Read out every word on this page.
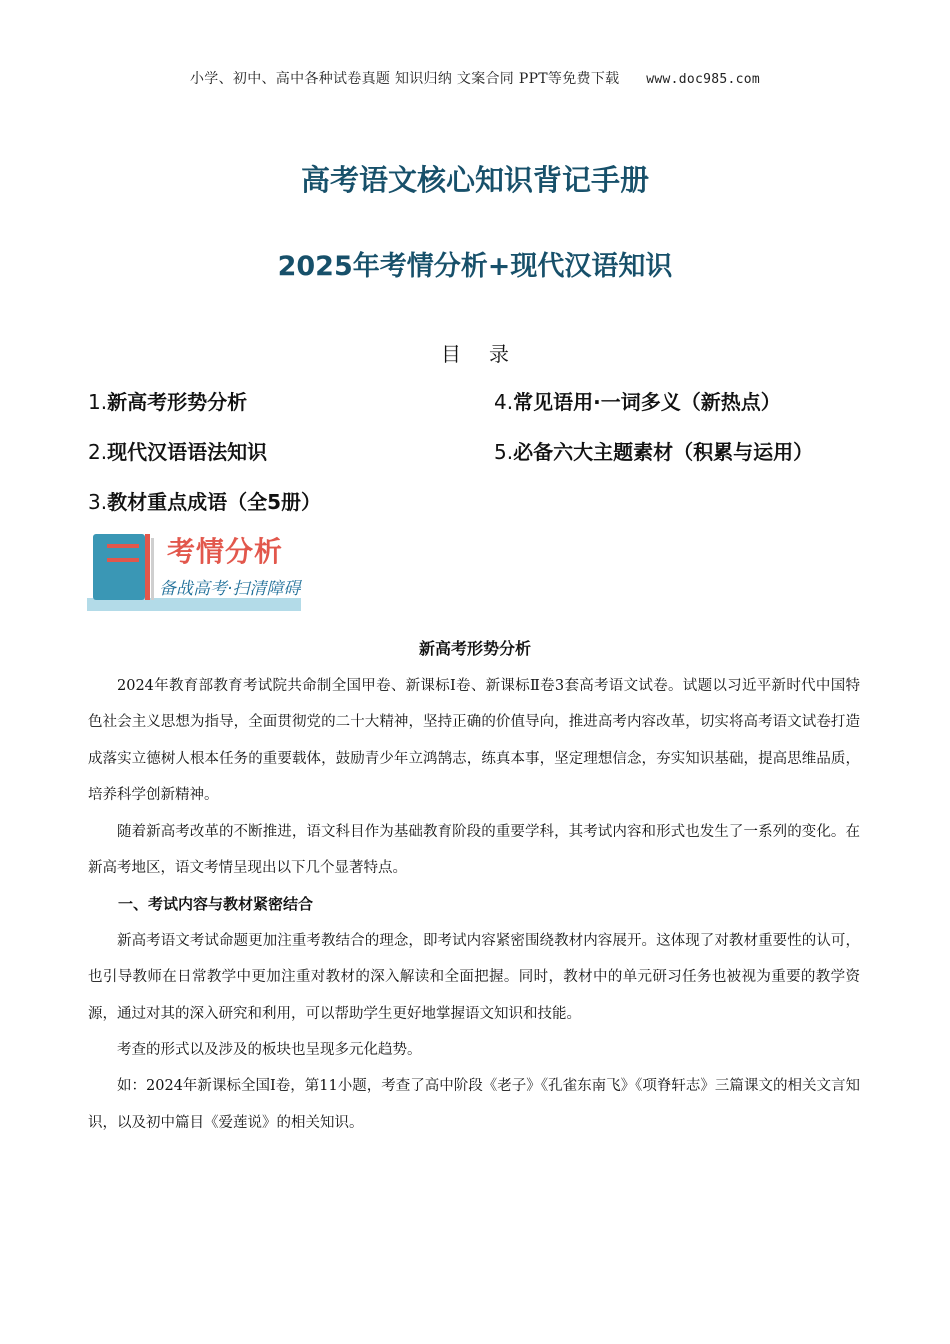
小学、初中、高中各种试卷真题 知识归纳 文案合同 PPT等免费下载 www.doc985.com
高考语文核心知识背记手册
2025年考情分析+现代汉语知识
目录
1.新高考形势分析
2.现代汉语语法知识
3.教材重点成语（全5册）
4.常见语用·一词多义（新热点）
5.必备六大主题素材（积累与运用）
考情分析
备战高考·扫清障碍
新高考形势分析

2024年教育部教育考试院共命制全国甲卷、新课标Ⅰ卷、新课标Ⅱ卷3套高考语文试卷。试题以习近平新时代中国特色社会主义思想为指导，全面贯彻党的二十大精神，坚持正确的价值导向，推进高考内容改革，切实将高考语文试卷打造成落实立德树人根本任务的重要载体，鼓励青少年立鸿鹄志，练真本事，坚定理想信念，夯实知识基础，提高思维品质，培养科学创新精神。

随着新高考改革的不断推进，语文科目作为基础教育阶段的重要学科，其考试内容和形式也发生了一系列的变化。在新高考地区，语文考情呈现出以下几个显著特点。

一、考试内容与教材紧密结合

新高考语文考试命题更加注重考教结合的理念，即考试内容紧密围绕教材内容展开。这体现了对教材重要性的认可，也引导教师在日常教学中更加注重对教材的深入解读和全面把握。同时，教材中的单元研习任务也被视为重要的教学资源，通过对其的深入研究和利用，可以帮助学生更好地掌握语文知识和技能。

考查的形式以及涉及的板块也呈现多元化趋势。

如：2024年新课标全国Ⅰ卷，第11小题，考查了高中阶段《老子》《孔雀东南飞》《项脊轩志》三篇课文的相关文言知识，以及初中篇目《爱莲说》的相关知识。
